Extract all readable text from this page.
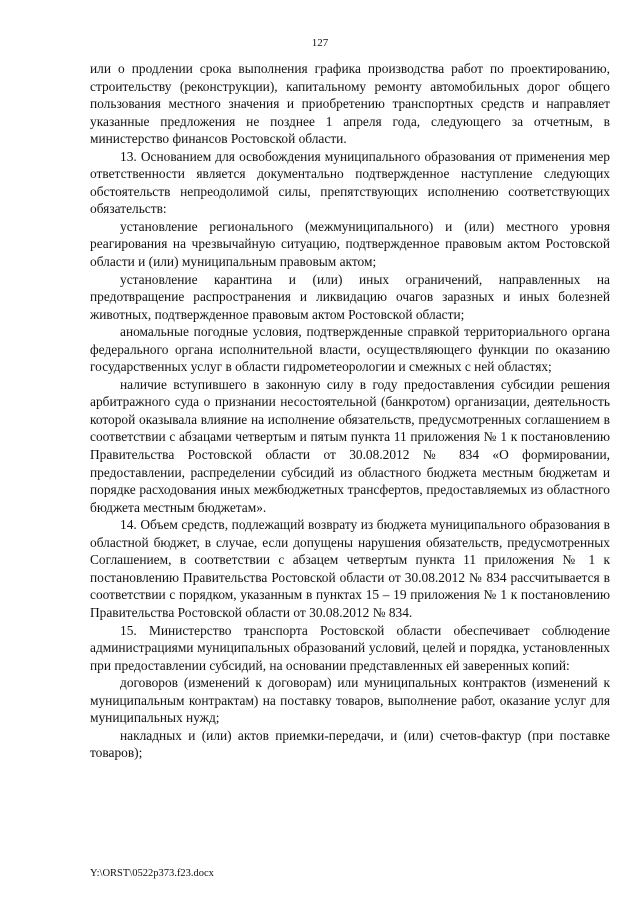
127

или о продлении срока выполнения графика производства работ по проектированию, строительству (реконструкции), капитальному ремонту автомобильных дорог общего пользования местного значения и приобретению транспортных средств и направляет указанные предложения не позднее 1 апреля года, следующего за отчетным, в министерство финансов Ростовской области.

13. Основанием для освобождения муниципального образования от применения мер ответственности является документально подтвержденное наступление следующих обстоятельств непреодолимой силы, препятствующих исполнению соответствующих обязательств:

установление регионального (межмуниципального) и (или) местного уровня реагирования на чрезвычайную ситуацию, подтвержденное правовым актом Ростовской области и (или) муниципальным правовым актом;

установление карантина и (или) иных ограничений, направленных на предотвращение распространения и ликвидацию очагов заразных и иных болезней животных, подтвержденное правовым актом Ростовской области;

аномальные погодные условия, подтвержденные справкой территориального органа федерального органа исполнительной власти, осуществляющего функции по оказанию государственных услуг в области гидрометеорологии и смежных с ней областях;

наличие вступившего в законную силу в году предоставления субсидии решения арбитражного суда о признании несостоятельной (банкротом) организации, деятельность которой оказывала влияние на исполнение обязательств, предусмотренных соглашением в соответствии с абзацами четвертым и пятым пункта 11 приложения № 1 к постановлению Правительства Ростовской области от 30.08.2012 № 834 «О формировании, предоставлении, распределении субсидий из областного бюджета местным бюджетам и порядке расходования иных межбюджетных трансфертов, предоставляемых из областного бюджета местным бюджетам».

14. Объем средств, подлежащий возврату из бюджета муниципального образования в областной бюджет, в случае, если допущены нарушения обязательств, предусмотренных Соглашением, в соответствии с абзацем четвертым пункта 11 приложения № 1 к постановлению Правительства Ростовской области от 30.08.2012 № 834 рассчитывается в соответствии с порядком, указанным в пунктах 15 – 19 приложения № 1 к постановлению Правительства Ростовской области от 30.08.2012 № 834.

15. Министерство транспорта Ростовской области обеспечивает соблюдение администрациями муниципальных образований условий, целей и порядка, установленных при предоставлении субсидий, на основании представленных ей заверенных копий:

договоров (изменений к договорам) или муниципальных контрактов (изменений к муниципальным контрактам) на поставку товаров, выполнение работ, оказание услуг для муниципальных нужд;

накладных и (или) актов приемки-передачи, и (или) счетов-фактур (при поставке товаров);

Y:\ORST\0522p373.f23.docx
